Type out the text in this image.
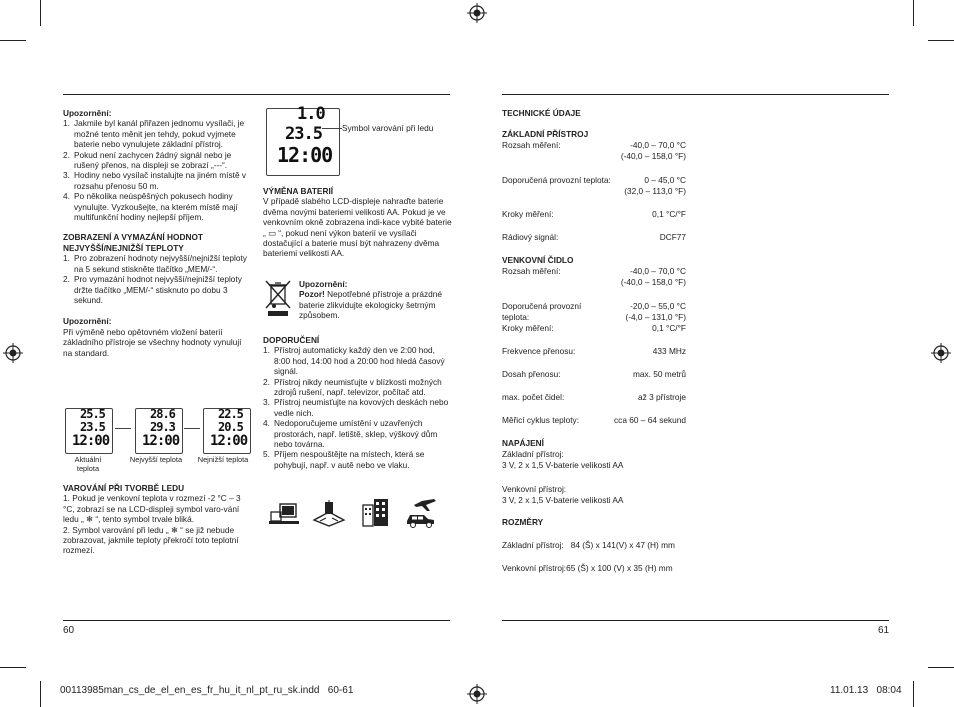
Upozornění:
1. Jakmile byl kanál přiřazen jednomu vysílači, je možné tento měnit jen tehdy, pokud vyjmete baterie nebo vynulujete základní přístroj.
2. Pokud není zachycen žádný signál nebo je rušený přenos, na displeji se zobrazí „---“.
3. Hodiny nebo vysílač instalujte na jiném místě v rozsahu přenosu 50 m.
4. Po několika neúspěšných pokusech hodiny vynulujte. Vyzkoušejte, na kterém místě mají multifunkční hodiny nejlepší příjem.
ZOBRAZENÍ A VYMAZÁNÍ HODNOT
NEJVYŠŠÍ/NEJNIŽŠÍ TEPLOTY
1. Pro zobrazení hodnoty nejvyšší/nejnižší teploty na 5 sekund stiskněte tlačítko „MEM/-“.
2. Pro vymazání hodnot nejvyšší/nejnižší teploty držte tlačítko „MEM/-“ stisknuto po dobu 3 sekund.
Upozornění:
Při výměně nebo opětovném vložení baterií základního přístroje se všechny hodnoty vynulují na standard.
25.5
23.5
12:00
28.6
29.3
12:00
22.5
20.5
12:00
Aktuální
teplota
Nejvyšší teplota	Nejnižší teplota
VAROVÁNÍ PŘI TVORBĚ LEDU
1. Pokud je venkovní teplota v rozmezí -2 °C – 3 °C, zobrazí se na LCD-displeji symbol varo-vání ledu „ ❄ “, tento symbol trvale bliká.
2. Symbol varování při ledu „ ❄ “ se již nebude zobrazovat, jakmile teploty překročí toto teplotní rozmezí.
60
1.0
23.5
12:00
Symbol varování při ledu
VÝMĚNA BATERIÍ
V případě slabého LCD-displeje nahraďte baterie dvěma novými bateriemi velikosti AA. Pokud je ve venkovním okně zobrazena indi-kace vybité baterie „ ▭ “, pokud není výkon baterií ve vysílači dostačující a baterie musí být nahrazeny dvěma bateriemi velikosti AA.
Upozornění:
Pozor! Nepotřebné přístroje a prázdné baterie zlikvidujte ekologicky šetrným způsobem.
DOPORUČENÍ
1. Přístroj automaticky každý den ve 2:00 hod, 8:00 hod, 14:00 hod a 20:00 hod hledá časový signál.
2. Přístroj nikdy neumisťujte v blízkosti možných zdrojů rušení, např. televizor, počítač atd.
3. Přístroj neumisťujte na kovových deskách nebo vedle nich.
4. Nedoporučujeme umístění v uzavřených prostorách, např. letiště, sklep, výškový dům nebo továrna.
5. Příjem nespouštějte na místech, která se pohybují, např. v autě nebo ve vlaku.
TECHNICKÉ ÚDAJE
ZÁKLADNÍ PŘÍSTROJ
Rozsah měření:	-40,0 – 70,0 °C
(-40,0 – 158,0 °F)
Doporučená provozní teplota:	0 – 45,0 °C
(32,0 – 113,0 °F)
Kroky měření:	0,1 °C/°F
Rádiový signál:	DCF77
VENKOVNÍ ČIDLO
Rozsah měření:	-40,0 – 70,0 °C
(-40,0 – 158,0 °F)
Doporučená provozní	-20,0 – 55,0 °C
teplota:	(-4,0 – 131,0 °F)
Kroky měření:	0,1 °C/°F
Frekvence přenosu:	433 MHz
Dosah přenosu:	max. 50 metrů
max. počet čidel:	až 3 přístroje
Měřicí cyklus teploty:	cca 60 – 64 sekund
NAPÁJENÍ
Základní přístroj:
3 V, 2 x 1,5 V-baterie velikosti AA
Venkovní přístroj:
3 V, 2 x 1,5 V-baterie velikosti AA
ROZMĚRY
Základní přístroj:   84 (Š) x 141(V) x 47 (H) mm
Venkovní přístroj:65 (Š) x 100 (V) x 35 (H) mm
61
00113985man_cs_de_el_en_es_fr_hu_it_nl_pt_ru_sk.indd   60-61	11.01.13   08:04
